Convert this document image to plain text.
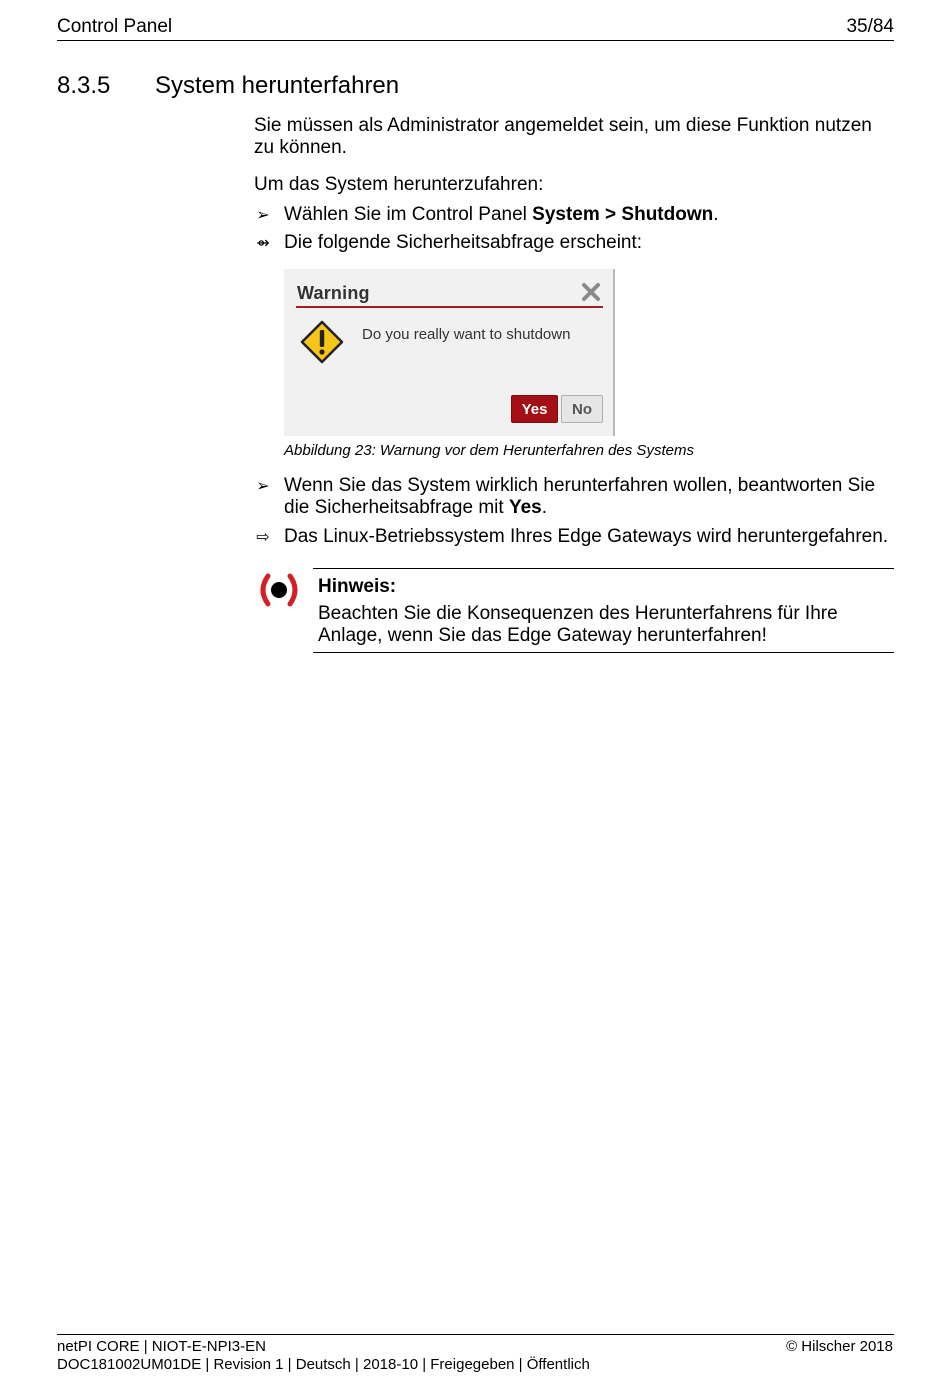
Control Panel	35/84
8.3.5 System herunterfahren
Sie müssen als Administrator angemeldet sein, um diese Funktion nutzen zu können.
Um das System herunterzufahren:
➢ Wählen Sie im Control Panel System > Shutdown.
⇴ Die folgende Sicherheitsabfrage erscheint:
Warning
Do you really want to shutdown
Yes	No
Abbildung 23: Warnung vor dem Herunterfahren des Systems
➢ Wenn Sie das System wirklich herunterfahren wollen, beantworten Sie die Sicherheitsabfrage mit Yes.
⇨ Das Linux-Betriebssystem Ihres Edge Gateways wird heruntergefahren.
Hinweis:
Beachten Sie die Konsequenzen des Herunterfahrens für Ihre Anlage, wenn Sie das Edge Gateway herunterfahren!
netPI CORE | NIOT-E-NPI3-EN
DOC181002UM01DE | Revision 1 | Deutsch | 2018-10 | Freigegeben | Öffentlich
© Hilscher 2018
